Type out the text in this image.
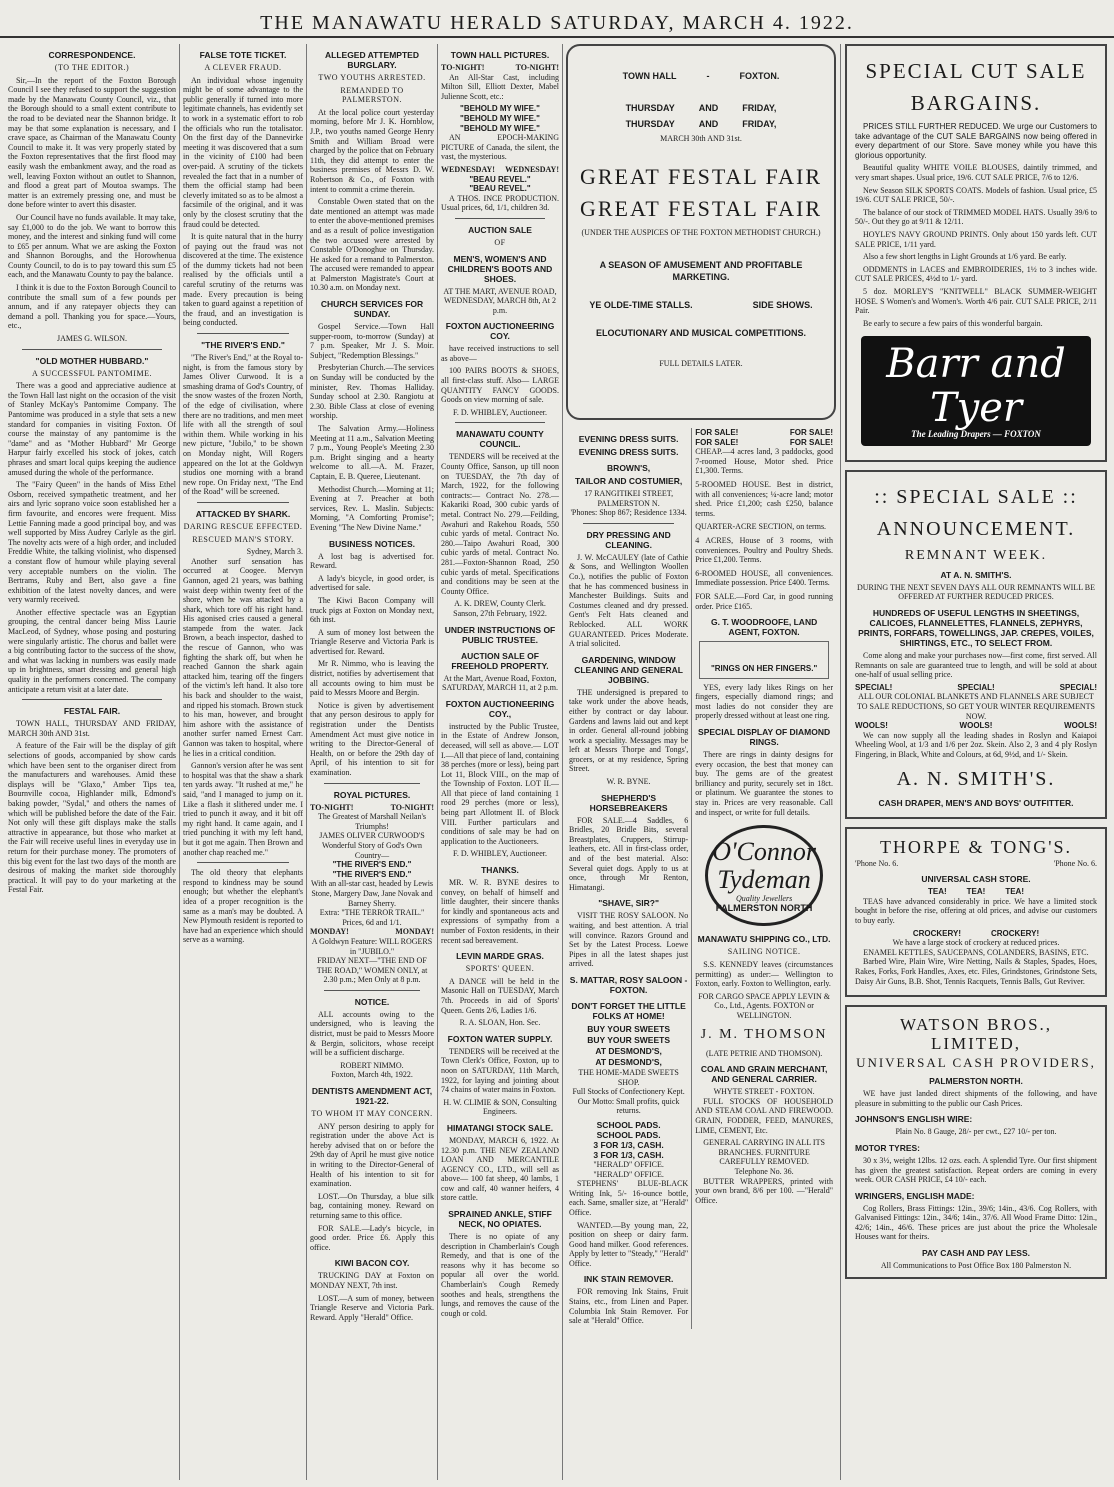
THE MANAWATU HERALD SATURDAY, MARCH 4. 1922.
CORRESPONDENCE.
(TO THE EDITOR.)

Sir,—In the report of the Foxton Borough Council I see they refused to support the suggestion made by the Manawatu County Council, viz., that the Borough should to a small extent contribute to the road to be deviated near the Shannon bridge. It may be that some explanation is necessary, and I crave space, as Chairman of the Manawatu County Council to make it. It was very properly stated by the Foxton representatives that the first flood may easily wash the embankment away, and the road as well, leaving Foxton without an outlet to Shannon, and flood a great part of Moutoa swamps. The matter is an extremely pressing one, and must be done before winter to avert this disaster.

Our Council have no funds available. It may take, say £1,000 to do the job. We want to borrow this money, and the interest and sinking fund will come to £65 per annum. What we are asking the Foxton and Shannon Boroughs, and the Horowhenua County Council, to do is to pay toward this sum £5 each, and the Manawatu County to pay the balance.

I think it is due to the Foxton Borough Council to contribute the small sum of a few pounds per annum, and if any ratepayer objects they can demand a poll. Thanking you for space.—Yours, etc.,

JAMES G. WILSON.
"OLD MOTHER HUBBARD."
A SUCCESSFUL PANTOMIME.

There was a good and appreciative audience at the Town Hall last night on the occasion of the visit of Stanley McKay's Pantomime Company. The Pantomime was produced in a style that sets a new standard for companies in visiting Foxton. Of course the mainstay of any pantomime is the "dame" and as "Mother Hubbard" Mr George Harpur fairly excelled his stock of jokes, catch phrases and smart local quips keeping the audience amused during the whole of the performance.

The "Fairy Queen" in the hands of Miss Ethel Osborn, received sympathetic treatment, and her airs and lyric soprano voice soon established her a firm favourite, and encores were frequent. Miss Lettie Fanning made a good principal boy, and was well supported by Miss Audrey Carlyle as the girl. The novelty acts were of a high order, and included Freddie White, the talking violinist, who dispensed a constant flow of humour while playing several very acceptable numbers on the violin. The Bertrams, Ruby and Bert, also gave a fine exhibition of the latest novelty dances, and were very warmly received.

Another effective spectacle was an Egyptian grouping, the central dancer being Miss Laurie MacLeod, of Sydney, whose posing and posturing were singularly artistic. The chorus and ballet were a big contributing factor to the success of the show, and what was lacking in numbers was easily made up in brightness, smart dressing and general high quality in the performers concerned. The company anticipate a return visit at a later date.

FESTAL FAIR.

TOWN HALL, THURSDAY AND FRIDAY, MARCH 30th AND 31st.

A feature of the Fair will be the display of gift selections of goods, accompanied by show cards which have been sent to the organiser direct from the manufacturers and warehouses. Amid these displays will be "Glaxo," Amber Tips tea, Bournville cocoa, Highlander milk, Edmond's baking powder, "Sydal," and others the names of which will be published before the date of the Fair. Not only will these gift displays make the stalls attractive in appearance, but those who market at the Fair will receive useful lines in everyday use in return for their purchase money. The promoters of this big event for the last two days of the month are desirous of making the market side thoroughly practical. It will pay to do your marketing at the Festal Fair.

FALSE TOTE TICKET.
A CLEVER FRAUD.

An individual whose ingenuity might be of some advantage to the public generally if turned into more legitimate channels, has evidently set to work in a systematic effort to rob the officials who run the totalisator. On the first day of the Dannevirke meeting it was discovered that a sum in the vicinity of £100 had been over-paid. A scrutiny of the tickets revealed the fact that in a number of them the official stamp had been cleverly imitated so as to be almost a facsimile of the original, and it was only by the closest scrutiny that the fraud could be detected.

It is quite natural that in the hurry of paying out the fraud was not discovered at the time. The existence of the dummy tickets had not been realised by the officials until a careful scrutiny of the returns was made. Every precaution is being taken to guard against a repetition of the fraud, and an investigation is being conducted.

"THE RIVER'S END."

"The River's End," at the Royal to-night, is from the famous story by James Oliver Curwood. It is a smashing drama of God's Country, of the snow wastes of the frozen North, of the edge of civilisation, where there are no traditions, and men meet life with all the strength of soul within them. While working in his new picture, "Jubilo," to be shown on Monday night, Will Rogers appeared on the lot at the Goldwyn studios one morning with a brand new rope. On Friday next, "The End of the Road" will be screened.

ATTACKED BY SHARK.
DARING RESCUE EFFECTED.
RESCUED MAN'S STORY.
Sydney, March 3.

Another surf sensation has occurred at Coogee. Mervyn Gannon, aged 21 years, was bathing waist deep within twenty feet of the shore, when he was attacked by a shark, which tore off his right hand. His agonised cries caused a general stampede from the water. Jack Brown, a beach inspector, dashed to the rescue of Gannon, who was fighting the shark off, but when he reached Gannon the shark again attacked him, tearing off the fingers of the victim's left hand. It also tore his back and shoulder to the waist, and ripped his stomach. Brown stuck to his man, however, and brought him ashore with the assistance of another surfer named Ernest Carr. Gannon was taken to hospital, where he lies in a critical condition.

Gannon's version after he was sent to hospital was that the shaw a shark ten yards away. "It rushed at me," he said, "and I managed to jump on it. Like a flash it slithered under me. I tried to punch it away, and it bit off my right hand. It came again, and I tried punching it with my left hand, but it got me again. Then Brown and another chap reached me."

The old theory that elephants respond to kindness may be sound enough; but whether the elephant's idea of a proper recognition is the same as a man's may be doubted. A New Plymouth resident is reported to have had an experience which should serve as a warning.

ALLEGED ATTEMPTED BURGLARY.
TWO YOUTHS ARRESTED.
REMANDED TO PALMERSTON.

At the local police court yesterday morning, before Mr J. K. Hornblow, J.P., two youths named George Henry Smith and William Broad were charged by the police that on February 11th, they did attempt to enter the business premises of Messrs D. W. Robertson & Co., of Foxton with intent to commit a crime therein.

Constable Owen stated that on the date mentioned an attempt was made to enter the above-mentioned premises and as a result of police investigation the two accused were arrested by Constable O'Donoghue on Thursday. He asked for a remand to Palmerston. The accused were remanded to appear at Palmerston Magistrate's Court at 10.30 a.m. on Monday next.

CHURCH SERVICES FOR SUNDAY.

Gospel Service.—Town Hall supper-room, to-morrow (Sunday) at 7 p.m. Speaker, Mr J. S. Moir. Subject, "Redemption Blessings."

Presbyterian Church.—The services on Sunday will be conducted by the minister, Rev. Thomas Halliday. Sunday school at 2.30. Rangiotu at 2.30. Bible Class at close of evening worship.

The Salvation Army.—Holiness Meeting at 11 a.m., Salvation Meeting 7 p.m., Young People's Meeting 2.30 p.m. Bright singing and a hearty welcome to all.—A. M. Frazer, Captain, E. B. Queree, Lieutenant.

Methodist Church.—Morning at 11; Evening at 7. Preacher at both services, Rev. L. Maslin. Subjects: Morning, "A Comforting Promise"; Evening "The New Divine Name."

BUSINESS NOTICES.

A lost bag is advertised for. Reward.

A lady's bicycle, in good order, is advertised for sale.

The Kiwi Bacon Company will truck pigs at Foxton on Monday next, 6th inst.

A sum of money lost between the Triangle Reserve and Victoria Park is advertised for. Reward.

Mr R. Nimmo, who is leaving the district, notifies by advertisement that all accounts owing to him must be paid to Messrs Moore and Bergin.

Notice is given by advertisement that any person desirous to apply for registration under the Dentists Amendment Act must give notice in writing to the Director-General of Health, on or before the 29th day of April, of his intention to sit for examination.

ROYAL PICTURES.
TO-NIGHT!	TO-NIGHT!
The Greatest of Marshall Neilan's Triumphs!
JAMES OLIVER CURWOOD'S Wonderful Story of God's Own Country—
"THE RIVER'S END."
"THE RIVER'S END."
With an all-star cast, headed by Lewis Stone, Margery Daw, Jane Novak and Barney Sherry.
Extra: "THE TERROR TRAIL."
Prices, 6d and 1/1.
MONDAY!	MONDAY!
A Goldwyn Feature: WILL ROGERS in "JUBILO."
FRIDAY NEXT—"THE END OF THE ROAD," WOMEN ONLY, at 2.30 p.m.; Men Only at 8 p.m.
NOTICE.

ALL accounts owing to the undersigned, who is leaving the district, must be paid to Messrs Moore & Bergin, solicitors, whose receipt will be a sufficient discharge.

ROBERT NIMMO.
Foxton, March 4th, 1922.
DENTISTS AMENDMENT ACT, 1921-22.
TO WHOM IT MAY CONCERN.

ANY person desiring to apply for registration under the above Act is hereby advised that on or before the 29th day of April he must give notice in writing to the Director-General of Health of his intention to sit for examination.

LOST.—On Thursday, a blue silk bag, containing money. Reward on returning same to this office.

FOR SALE.—Lady's bicycle, in good order. Price £6. Apply this office.

KIWI BACON COY.

TRUCKING DAY at Foxton on MONDAY NEXT, 7th inst.

LOST.—A sum of money, between Triangle Reserve and Victoria Park. Reward. Apply "Herald" Office.

TOWN HALL PICTURES.
TO-NIGHT!	TO-NIGHT!

An All-Star Cast, including Milton Sill, Elliott Dexter, Mabel Julienne Scott, etc.:

"BEHOLD MY WIFE."
"BEHOLD MY WIFE."
"BEHOLD MY WIFE."

AN EPOCH-MAKING PICTURE of Canada, the silent, the vast, the mysterious.

WEDNESDAY! WEDNESDAY!
"BEAU REVEL."
"BEAU REVEL."

A THOS. INCE PRODUCTION. Usual prices, 6d, 1/1, children 3d.

AUCTION SALE
OF
MEN'S, WOMEN'S AND CHILDREN'S BOOTS AND SHOES.
AT THE MART, AVENUE ROAD, WEDNESDAY, MARCH 8th, At 2 p.m.
FOXTON AUCTIONEERING COY.

have received instructions to sell as above—

100 PAIRS BOOTS & SHOES, all first-class stuff. Also— LARGE QUANTITY FANCY GOODS. Goods on view morning of sale.

F. D. WHIBLEY, Auctioneer.
MANAWATU COUNTY COUNCIL.

TENDERS will be received at the County Office, Sanson, up till noon on TUESDAY, the 7th day of March, 1922, for the following contracts:— Contract No. 278.—Kakariki Road, 300 cubic yards of metal. Contract No. 279.—Feilding, Awahuri and Rakehou Roads, 550 cubic yards of metal. Contract No. 280.—Taipo Awahuri Road, 300 cubic yards of metal. Contract No. 281.—Foxton-Shannon Road, 250 cubic yards of metal. Specifications and conditions may be seen at the County Office.

A. K. DREW, County Clerk.
Sanson, 27th February, 1922.
UNDER INSTRUCTIONS OF PUBLIC TRUSTEE.
AUCTION SALE OF FREEHOLD PROPERTY.
At the Mart, Avenue Road, Foxton, SATURDAY, MARCH 11, at 2 p.m.
FOXTON AUCTIONEERING COY.,

instructed by the Public Trustee, in the Estate of Andrew Jonson, deceased, will sell as above.— LOT I.—All that piece of land, containing 38 perches (more or less), being part Lot 11, Block VIII., on the map of the Township of Foxton. LOT II.—All that piece of land containing 1 rood 29 perches (more or less), being part Allotment II. of Block VIII. Further particulars and conditions of sale may be had on application to the Auctioneers.

F. D. WHIBLEY, Auctioneer.
THANKS.

MR. W. R. BYNE desires to convey, on behalf of himself and little daughter, their sincere thanks for kindly and spontaneous acts and expressions of sympathy from a number of Foxton residents, in their recent sad bereavement.

LEVIN MARDE GRAS.
SPORTS' QUEEN.

A DANCE will be held in the Masonic Hall on TUESDAY, March 7th. Proceeds in aid of Sports' Queen. Gents 2/6, Ladies 1/6.

R. A. SLOAN, Hon. Sec.
FOXTON WATER SUPPLY.

TENDERS will be received at the Town Clerk's Office, Foxton, up to noon on SATURDAY, 11th March, 1922, for laying and jointing about 74 chains of water mains in Foxton.

H. W. CLIMIE & SON, Consulting Engineers.
HIMATANGI STOCK SALE.

MONDAY, MARCH 6, 1922. At 12.30 p.m. THE NEW ZEALAND LOAN AND MERCANTILE AGENCY CO., LTD., will sell as above— 100 fat sheep, 40 lambs, 1 cow and calf, 40 wanner heifers, 4 store cattle.

SPRAINED ANKLE, STIFF NECK, NO OPIATES.

There is no opiate of any description in Chamberlain's Cough Remedy, and that is one of the reasons why it has become so popular all over the world. Chamberlain's Cough Remedy soothes and heals, strengthens the lungs, and removes the cause of the cough or cold.

TOWN HALL	-	FOXTON.
THURSDAY	AND	FRIDAY,
THURSDAY	AND	FRIDAY,
MARCH 30th AND 31st.
GREAT FESTAL FAIR
GREAT FESTAL FAIR
(UNDER THE AUSPICES OF THE FOXTON METHODIST CHURCH.)
A SEASON OF AMUSEMENT AND PROFITABLE MARKETING.
YE OLDE-TIME STALLS.	SIDE SHOWS.
ELOCUTIONARY AND MUSICAL COMPETITIONS.
FULL DETAILS LATER.
EVENING DRESS SUITS.
EVENING DRESS SUITS.
BROWN'S,
TAILOR AND COSTUMIER,
17 RANGITIKEI STREET, PALMERSTON N.
'Phones: Shop 867; Residence 1334.
DRY PRESSING AND CLEANING.

J. W. McCAULEY (late of Cathie & Sons, and Wellington Woollen Co.), notifies the public of Foxton that he has commenced business in Manchester Buildings. Suits and Costumes cleaned and dry pressed. Gent's Felt Hats cleaned and Reblocked. ALL WORK GUARANTEED. Prices Moderate. A trial solicited.

GARDENING, WINDOW CLEANING AND GENERAL JOBBING.

THE undersigned is prepared to take work under the above heads, either by contract or day labour. Gardens and lawns laid out and kept in order. General all-round jobbing work a speciality. Messages may be left at Messrs Thorpe and Tongs', grocers, or at my residence, Spring Street.

W. R. BYNE.
SHEPHERD'S HORSEBREAKERS

FOR SALE.—4 Saddles, 6 Bridles, 20 Bridle Bits, several Breastplates, Cruppers, Stirrup-leathers, etc. All in first-class order, and of the best material. Also: Several quiet dogs. Apply to us at once, through Mr Renton, Himatangi.

"SHAVE, SIR?"

VISIT THE ROSY SALOON. No waiting, and best attention. A trial will convince. Razors Ground and Set by the Latest Process. Loewe Pipes in all the latest shapes just arrived.

S. MATTAR, ROSY SALOON - FOXTON.
DON'T FORGET THE LITTLE FOLKS AT HOME!
BUY YOUR SWEETS
BUY YOUR SWEETS
AT DESMOND'S,
AT DESMOND'S,
THE HOME-MADE SWEETS SHOP.
Full Stocks of Confectionery Kept.
Our Motto: Small profits, quick returns.
SCHOOL PADS.
SCHOOL PADS.
3 FOR 1/3, CASH.
3 FOR 1/3, CASH.
"HERALD" OFFICE.
"HERALD" OFFICE.

STEPHENS' BLUE-BLACK Writing Ink, 5/- 16-ounce bottle, each. Same, smaller size, at "Herald" Office.

WANTED.—By young man, 22, position on sheep or dairy farm. Good hand milker. Good references. Apply by letter to "Steady," "Herald" Office.

INK STAIN REMOVER.

FOR removing Ink Stains, Fruit Stains, etc., from Linen and Paper. Columbia Ink Stain Remover. For sale at "Herald" Office.

FOR SALE!	FOR SALE!
FOR SALE!	FOR SALE!
CHEAP.—4 acres land, 3 paddocks, good 7-roomed House, Motor shed. Price £1,300. Terms.
5-ROOMED HOUSE. Best in district, with all conveniences; ¼-acre land; motor shed. Price £1,200; cash £250, balance terms.
QUARTER-ACRE SECTION, on terms.
4 ACRES, House of 3 rooms, with conveniences. Poultry and Poultry Sheds. Price £1,200. Terms.
6-ROOMED HOUSE, all conveniences. Immediate possession. Price £400. Terms.
FOR SALE.—Ford Car, in good running order. Price £165.
G. T. WOODROOFE, LAND AGENT, FOXTON.
"RINGS ON HER FINGERS."

YES, every lady likes Rings on her fingers, especially diamond rings; and most ladies do not consider they are properly dressed without at least one ring.

SPECIAL DISPLAY OF DIAMOND RINGS.

There are rings in dainty designs for every occasion, the best that money can buy. The gems are of the greatest brilliancy and purity, securely set in 18ct. or platinum. We guarantee the stones to stay in. Prices are very reasonable. Call and inspect, or write for full details.

O'Connor
Tydeman
Quality Jewellers
PALMERSTON NORTH
MANAWATU SHIPPING CO., LTD.
SAILING NOTICE.

S.S. KENNEDY leaves (circumstances permitting) as under:— Wellington to Foxton, early. Foxton to Wellington, early.

FOR CARGO SPACE APPLY LEVIN & Co., Ltd., Agents. FOXTON or WELLINGTON.
J. M. THOMSON
(LATE PETRIE AND THOMSON).
COAL AND GRAIN MERCHANT, AND GENERAL CARRIER.
WHYTE STREET - FOXTON.

FULL STOCKS OF HOUSEHOLD AND STEAM COAL AND FIREWOOD. GRAIN, FODDER, FEED, MANURES, LIME, CEMENT, Etc.

GENERAL CARRYING IN ALL ITS BRANCHES. FURNITURE CAREFULLY REMOVED.
Telephone No. 36.

BUTTER WRAPPERS, printed with your own brand, 8/6 per 100. —"Herald" Office.

SPECIAL CUT SALE
BARGAINS.

PRICES STILL FURTHER REDUCED. We urge our Customers to take advantage of the CUT SALE BARGAINS now being offered in every department of our Store. Save money while you have this glorious opportunity.

Beautiful quality WHITE VOILE BLOUSES, daintily trimmed, and very smart shapes. Usual price, 19/6. CUT SALE PRICE, 7/6 to 12/6.

New Season SILK SPORTS COATS. Models of fashion. Usual price, £5 19/6. CUT SALE PRICE, 50/-.

The balance of our stock of TRIMMED MODEL HATS. Usually 39/6 to 50/-. Out they go at 9/11 & 12/11.

HOYLE'S NAVY GROUND PRINTS. Only about 150 yards left. CUT SALE PRICE, 1/11 yard.

Also a few short lengths in Light Grounds at 1/6 yard. Be early.

ODDMENTS in LACES and EMBROIDERIES, 1½ to 3 inches wide. CUT SALE PRICES, 4½d to 1/- yard.

5 doz. MORLEY'S "KNITWELL" BLACK SUMMER-WEIGHT HOSE. S Women's and Women's. Worth 4/6 pair. CUT SALE PRICE, 2/11 Pair.

Be early to secure a few pairs of this wonderful bargain.

Barr and Tyer
The Leading Drapers — FOXTON
:: SPECIAL SALE ::
ANNOUNCEMENT.
REMNANT WEEK.
AT A. N. SMITH'S.
DURING THE NEXT SEVEN DAYS ALL OUR REMNANTS WILL BE OFFERED AT FURTHER REDUCED PRICES.
HUNDREDS OF USEFUL LENGTHS IN SHEETINGS, CALICOES, FLANNELETTES, FLANNELS, ZEPHYRS, PRINTS, FORFARS, TOWELLINGS, JAP. CREPES, VOILES, SHIRTINGS, ETC., TO SELECT FROM.

Come along and make your purchases now—first come, first served. All Remnants on sale are guaranteed true to length, and will be sold at about one-half of usual selling price.

SPECIAL!	SPECIAL!	SPECIAL!
ALL OUR COLONIAL BLANKETS AND FLANNELS ARE SUBJECT TO SALE REDUCTIONS, SO GET YOUR WINTER REQUIREMENTS NOW.
WOOLS!	WOOLS!	WOOLS!

We can now supply all the leading shades in Roslyn and Kaiapoi Wheeling Wool, at 1/3 and 1/6 per 2oz. Skein. Also 2, 3 and 4 ply Roslyn Fingering, in Black, White and Colours, at 6d, 9½d, and 1/- Skein.

A. N. SMITH'S.
CASH DRAPER, MEN'S AND BOYS' OUTFITTER.
THORPE & TONG'S.
'Phone No. 6.	'Phone No. 6.
UNIVERSAL CASH STORE.
TEA!	TEA!	TEA!

TEAS have advanced considerably in price. We have a limited stock bought in before the rise, offering at old prices, and advise our customers to buy early.

CROCKERY!	CROCKERY!
We have a large stock of crockery at reduced prices.
ENAMEL KETTLES, SAUCEPANS, COLANDERS, BASINS, ETC.

Barbed Wire, Plain Wire, Wire Netting, Nails & Staples, Spades, Hoes, Rakes, Forks, Fork Handles, Axes, etc. Files, Grindstones, Grindstone Sets, Daisy Air Guns, B.B. Shot, Tennis Racquets, Tennis Balls, Gut Reviver.

WATSON BROS., LIMITED,
UNIVERSAL CASH PROVIDERS,
PALMERSTON NORTH.

WE have just landed direct shipments of the following, and have pleasure in submitting to the public our Cash Prices.

JOHNSON'S ENGLISH WIRE:
Plain No. 8 Gauge, 28/- per cwt., £27 10/- per ton.
MOTOR TYRES:

30 x 3½, weight 12lbs. 12 ozs. each. A splendid Tyre. Our first shipment has given the greatest satisfaction. Repeat orders are coming in every week. OUR CASH PRICE, £4 10/- each.

WRINGERS, ENGLISH MADE:

Cog Rollers, Brass Fittings: 12in., 39/6; 14in., 43/6. Cog Rollers, with Galvanised Fittings: 12in., 34/6; 14in., 37/6. All Wood Frame Ditto: 12in., 42/6; 14in., 46/6. These prices are just about the price the Wholesale Houses want for theirs.

PAY CASH AND PAY LESS.
All Communications to Post Office Box 180 Palmerston N.
